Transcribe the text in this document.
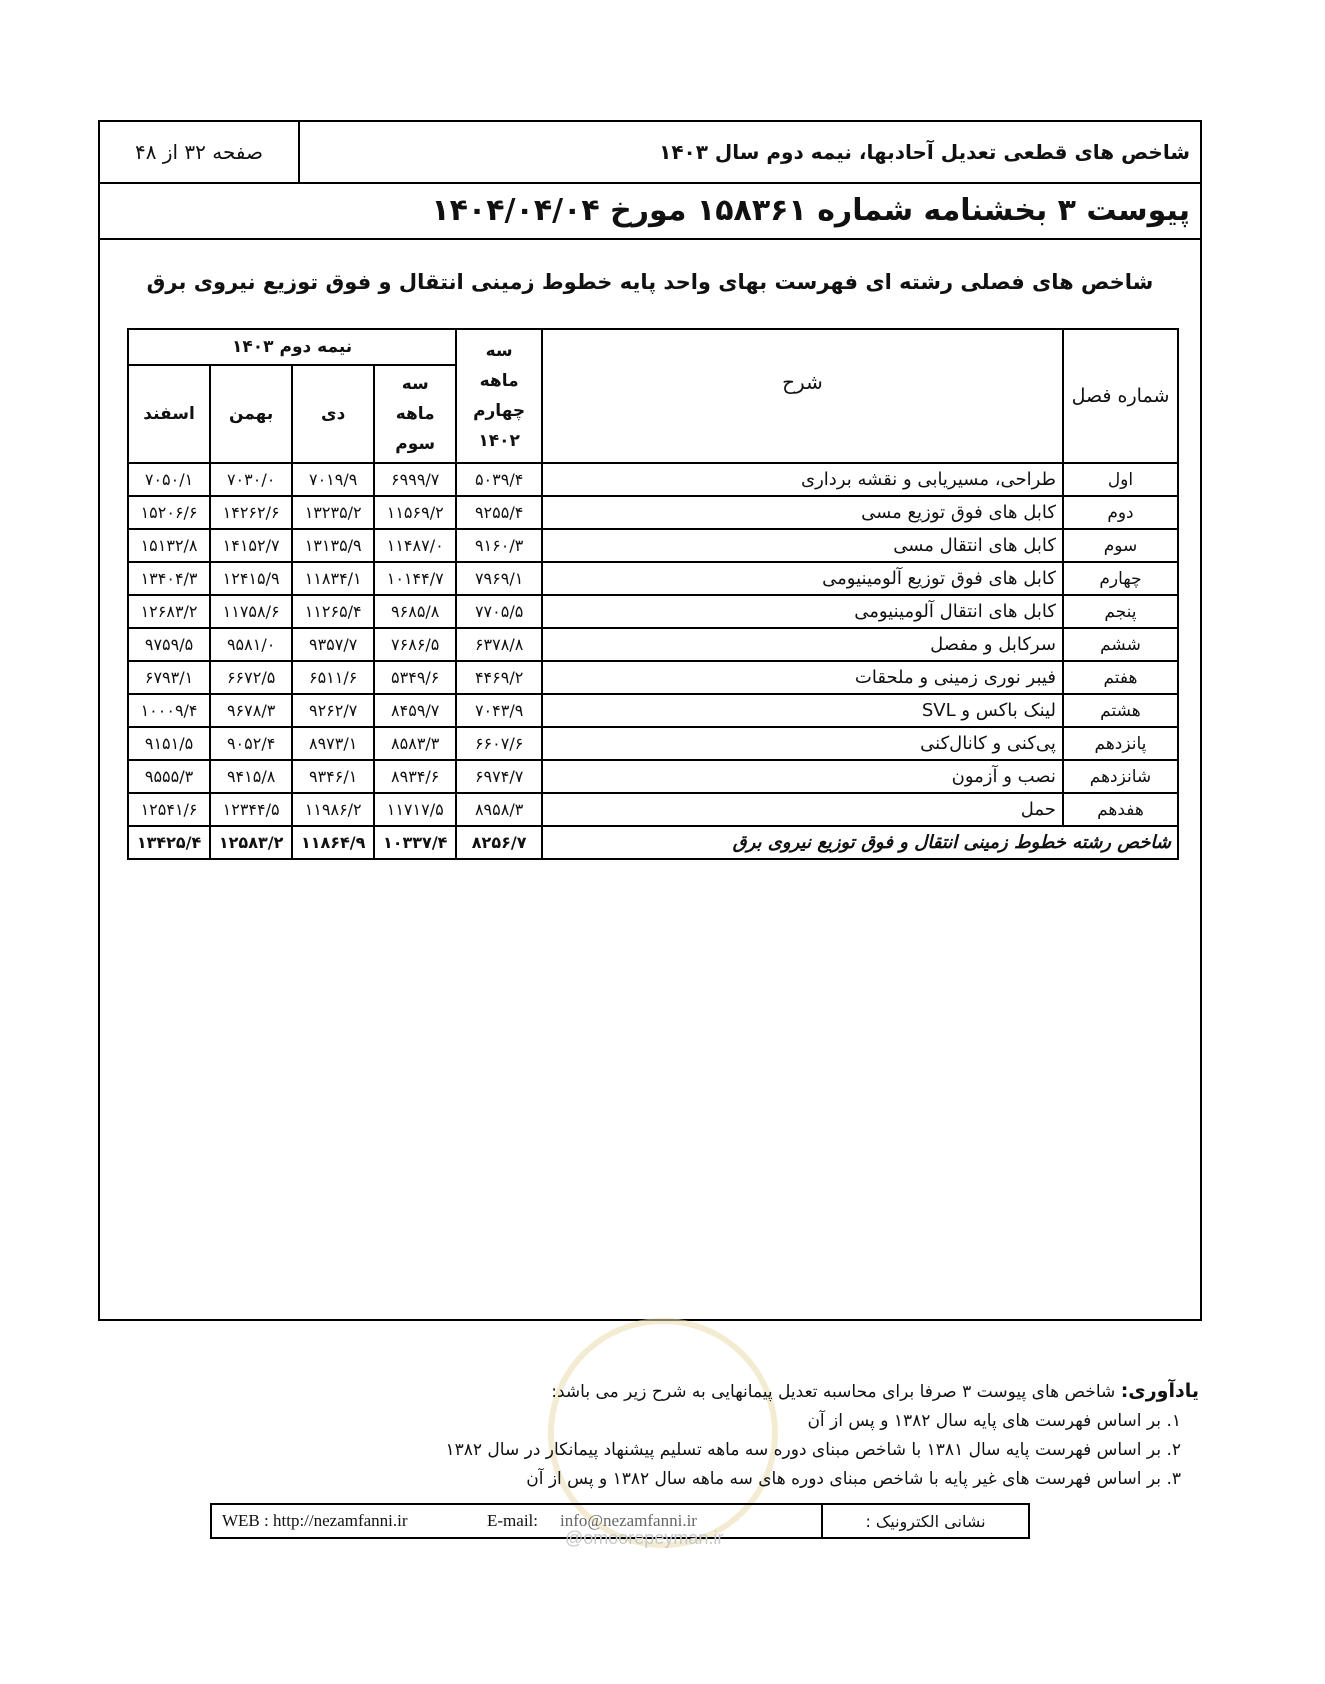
صفحه ۳۲ از ۴۸	شاخص های قطعی تعدیل آحادبها، نیمه دوم سال ۱۴۰۳
پیوست ۳ بخشنامه شماره ۱۵۸۳۶۱ مورخ ۱۴۰۴/۰۴/۰۴
شاخص های فصلی رشته ای فهرست بهای واحد پایه خطوط زمینی انتقال و فوق توزیع نیروی برق
شماره فصل	شرح	سه ماهه چهارم ۱۴۰۲	نیمه دوم ۱۴۰۳			
			سه ماهه سوم	دی	بهمن	اسفند
اول	طراحی، مسیریابی و نقشه برداری	۵۰۳۹/۴	۶۹۹۹/۷	۷۰۱۹/۹	۷۰۳۰/۰	۷۰۵۰/۱
دوم	کابل های فوق توزیع مسی	۹۲۵۵/۴	۱۱۵۶۹/۲	۱۳۲۳۵/۲	۱۴۲۶۲/۶	۱۵۲۰۶/۶
سوم	کابل های انتقال مسی	۹۱۶۰/۳	۱۱۴۸۷/۰	۱۳۱۳۵/۹	۱۴۱۵۲/۷	۱۵۱۳۲/۸
چهارم	کابل های فوق توزیع آلومینیومی	۷۹۶۹/۱	۱۰۱۴۴/۷	۱۱۸۳۴/۱	۱۲۴۱۵/۹	۱۳۴۰۴/۳
پنجم	کابل های انتقال آلومینیومی	۷۷۰۵/۵	۹۶۸۵/۸	۱۱۲۶۵/۴	۱۱۷۵۸/۶	۱۲۶۸۳/۲
ششم	سرکابل و مفصل	۶۳۷۸/۸	۷۶۸۶/۵	۹۳۵۷/۷	۹۵۸۱/۰	۹۷۵۹/۵
هفتم	فیبر نوری زمینی و ملحقات	۴۴۶۹/۲	۵۳۴۹/۶	۶۵۱۱/۶	۶۶۷۲/۵	۶۷۹۳/۱
هشتم	لینک باکس و SVL	۷۰۴۳/۹	۸۴۵۹/۷	۹۲۶۲/۷	۹۶۷۸/۳	۱۰۰۰۹/۴
پانزدهم	پی‌کنی و کانال‌کنی	۶۶۰۷/۶	۸۵۸۳/۳	۸۹۷۳/۱	۹۰۵۲/۴	۹۱۵۱/۵
شانزدهم	نصب و آزمون	۶۹۷۴/۷	۸۹۳۴/۶	۹۳۴۶/۱	۹۴۱۵/۸	۹۵۵۵/۳
هفدهم	حمل	۸۹۵۸/۳	۱۱۷۱۷/۵	۱۱۹۸۶/۲	۱۲۳۴۴/۵	۱۲۵۴۱/۶
شاخص رشته خطوط زمینی انتقال و فوق توزیع نیروی برق		۸۲۵۶/۷	۱۰۳۳۷/۴	۱۱۸۶۴/۹	۱۲۵۸۳/۲	۱۳۴۲۵/۴
یادآوری: شاخص های پیوست ۳ صرفا برای محاسبه تعدیل پیمانهایی به شرح زیر می باشد:
۱. بر اساس فهرست های پایه سال ۱۳۸۲ و پس از آن
۲. بر اساس فهرست پایه سال ۱۳۸۱ با شاخص مبنای دوره سه ماهه تسلیم پیشنهاد پیمانکار در سال ۱۳۸۲
۳. بر اساس فهرست های غیر پایه با شاخص مبنای دوره های سه ماهه سال ۱۳۸۲ و پس از آن
نشانی الکترونیک :
E-mail: info@nezamfanni.ir
WEB : http://nezamfanni.ir
@omoorepeyman.ir
